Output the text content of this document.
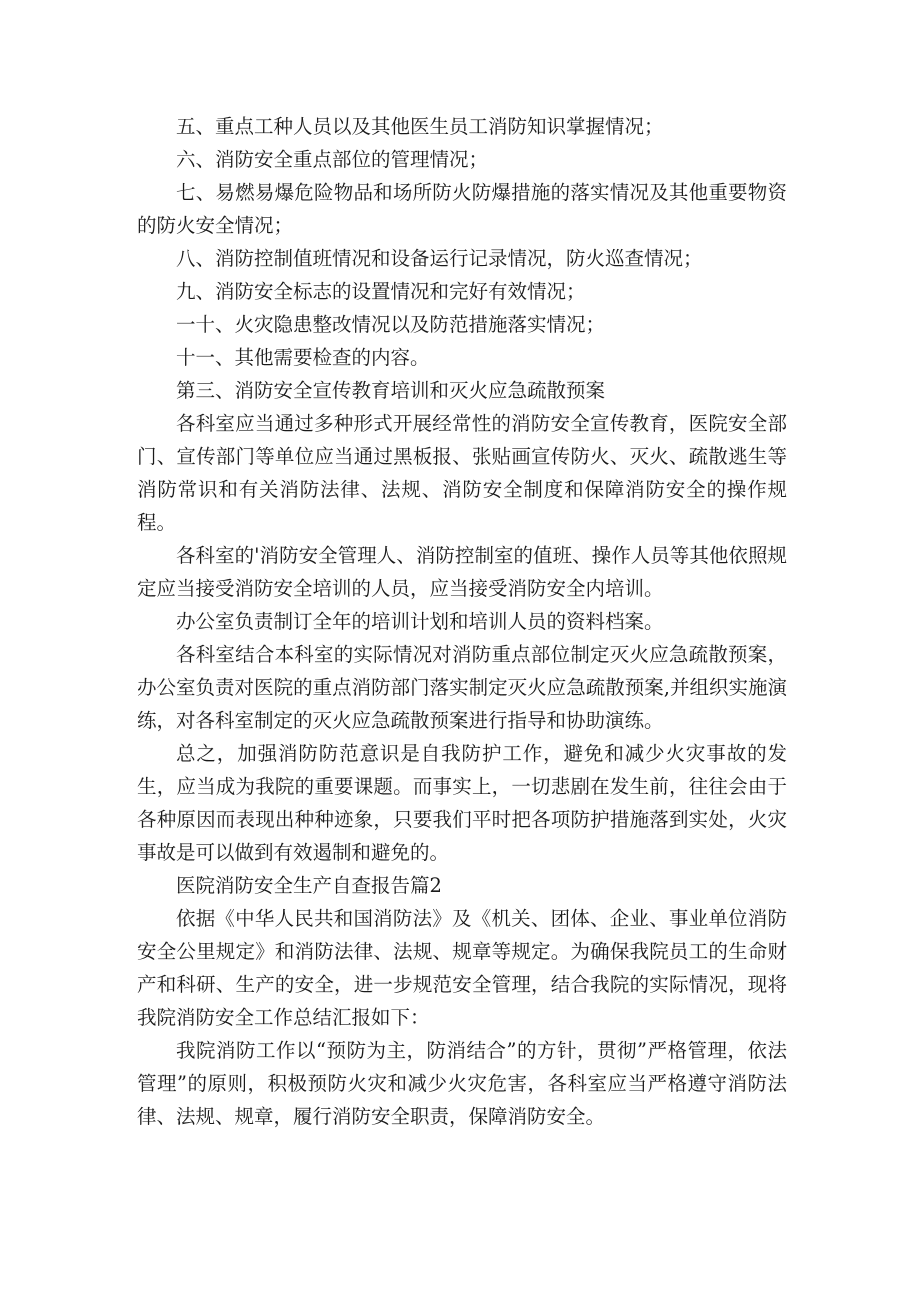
五、重点工种人员以及其他医生员工消防知识掌握情况；

六、消防安全重点部位的管理情况；

七、易燃易爆危险物品和场所防火防爆措施的落实情况及其他重要物资的防火安全情况；

八、消防控制值班情况和设备运行记录情况，防火巡查情况；

九、消防安全标志的设置情况和完好有效情况；

一十、火灾隐患整改情况以及防范措施落实情况；

十一、其他需要检查的内容。

第三、消防安全宣传教育培训和灭火应急疏散预案

各科室应当通过多种形式开展经常性的消防安全宣传教育，医院安全部门、宣传部门等单位应当通过黑板报、张贴画宣传防火、灭火、疏散逃生等消防常识和有关消防法律、法规、消防安全制度和保障消防安全的操作规程。

各科室的'消防安全管理人、消防控制室的值班、操作人员等其他依照规定应当接受消防安全培训的人员，应当接受消防安全内培训。

办公室负责制订全年的培训计划和培训人员的资料档案。

各科室结合本科室的实际情况对消防重点部位制定灭火应急疏散预案，办公室负责对医院的重点消防部门落实制定灭火应急疏散预案,并组织实施演练，对各科室制定的灭火应急疏散预案进行指导和协助演练。

总之，加强消防防范意识是自我防护工作，避免和减少火灾事故的发生，应当成为我院的重要课题。而事实上，一切悲剧在发生前，往往会由于各种原因而表现出种种迹象，只要我们平时把各项防护措施落到实处，火灾事故是可以做到有效遏制和避免的。

医院消防安全生产自查报告篇2

依据《中华人民共和国消防法》及《机关、团体、企业、事业单位消防安全公里规定》和消防法律、法规、规章等规定。为确保我院员工的生命财产和科研、生产的安全，进一步规范安全管理，结合我院的实际情况，现将我院消防安全工作总结汇报如下：

我院消防工作以“预防为主，防消结合”的方针，贯彻”严格管理，依法管理”的原则，积极预防火灾和减少火灾危害，各科室应当严格遵守消防法律、法规、规章，履行消防安全职责，保障消防安全。
